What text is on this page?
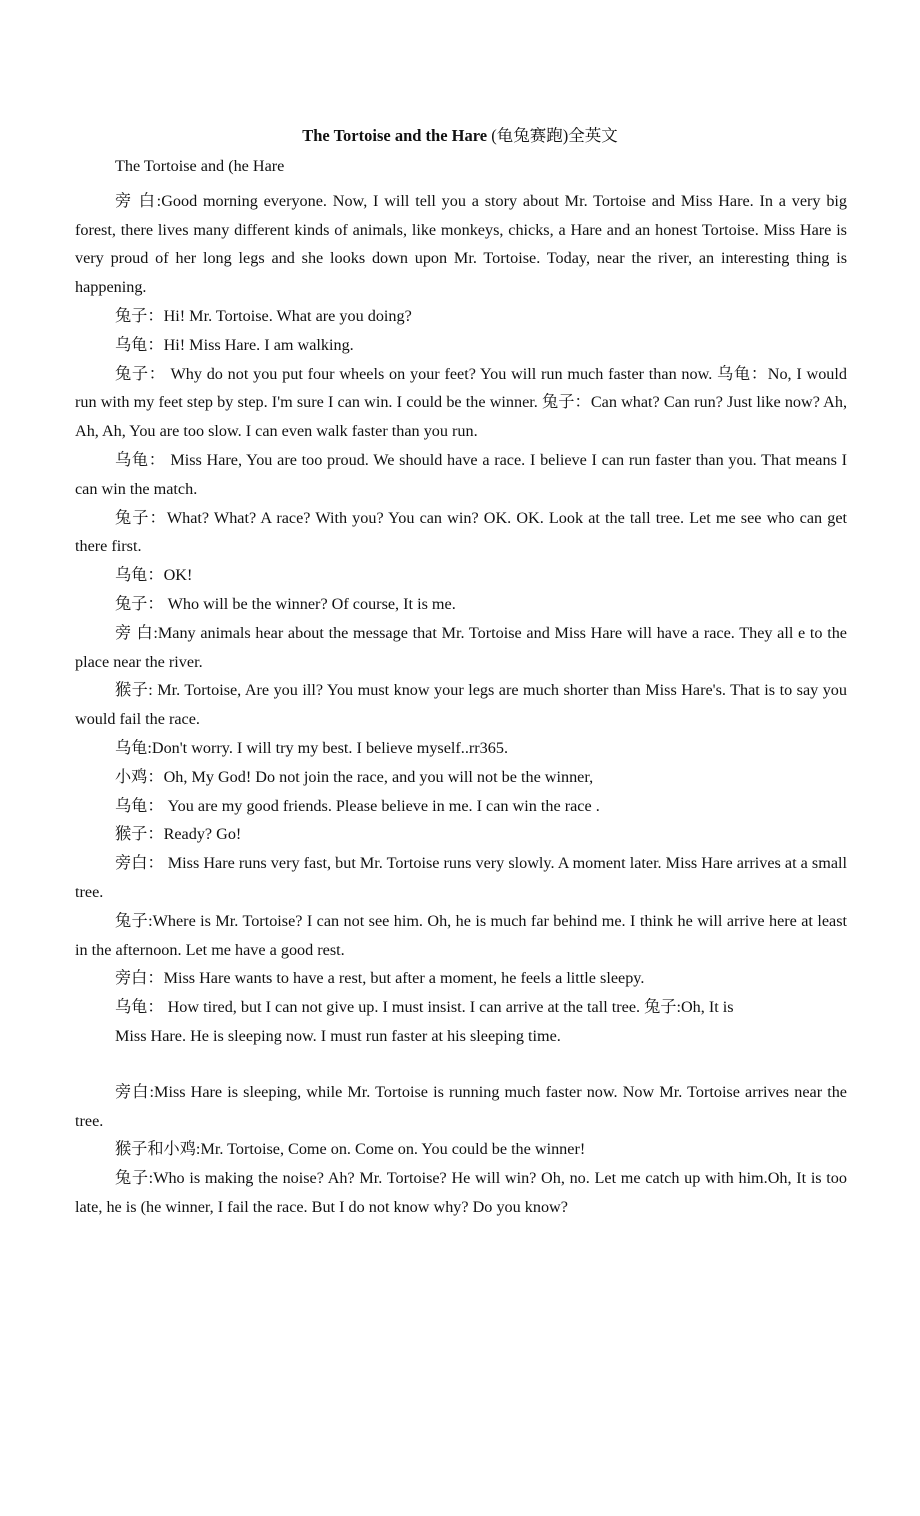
The Tortoise and the Hare (龟兔赛跑)全英文

The Tortoise and (he Hare

旁 白:Good morning everyone. Now, I will tell you a story about Mr. Tortoise and Miss Hare. In a very big forest, there lives many different kinds of animals, like monkeys, chicks, a Hare and an honest Tortoise. Miss Hare is very proud of her long legs and she looks down upon Mr. Tortoise. Today, near the river, an interesting thing is happening.

兔子：Hi! Mr. Tortoise. What are you doing?

乌龟：Hi! Miss Hare. I am walking.

兔子： Why do not you put four wheels on your feet? You will run much faster than now. 乌龟：No, I would run with my feet step by step. I'm sure I can win. I could be the winner. 兔子：Can what? Can run? Just like now? Ah, Ah, Ah, You are too slow. I can even walk faster than you run.

乌龟： Miss Hare, You are too proud. We should have a race. I believe I can run faster than you. That means I can win the match.

兔子：What? What? A race? With you? You can win? OK. OK. Look at the tall tree. Let me see who can get there first.

乌龟：OK!

兔子： Who will be the winner? Of course, It is me.

旁 白:Many animals hear about the message that Mr. Tortoise and Miss Hare will have a race. They all e to the place near the river.

猴子: Mr. Tortoise, Are you ill? You must know your legs are much shorter than Miss Hare's. That is to say you would fail the race.

乌龟:Don't worry. I will try my best. I believe myself..rr365.

小鸡：Oh, My God! Do not join the race, and you will not be the winner,

乌龟： You are my good friends. Please believe in me. I can win the race .

猴子：Ready? Go!

旁白： Miss Hare runs very fast, but Mr. Tortoise runs very slowly. A moment later. Miss Hare arrives at a small tree.

兔子:Where is Mr. Tortoise? I can not see him. Oh, he is much far behind me. I think he will arrive here at least in the afternoon. Let me have a good rest.

旁白：Miss Hare wants to have a rest, but after a moment, he feels a little sleepy.

乌龟： How tired, but I can not give up. I must insist. I can arrive at the tall tree. 兔子:Oh, It is

Miss Hare. He is sleeping now. I must run faster at his sleeping time.

旁白:Miss Hare is sleeping, while Mr. Tortoise is running much faster now. Now Mr. Tortoise arrives near the tree.

猴子和小鸡:Mr. Tortoise, Come on. Come on. You could be the winner!

兔子:Who is making the noise? Ah? Mr. Tortoise? He will win? Oh, no. Let me catch up with him.Oh, It is too late, he is (he winner, I fail the race. But I do not know why? Do you know?
